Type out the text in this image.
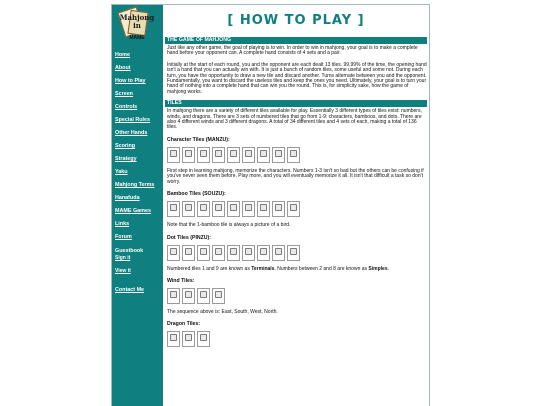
Mahjong
in
MAME
Home
About
How to Play
Screen
Controls
Special Rules
Other Hands
Scoring
Strategy
Yaku
Mahjong Terms
Hanafuda
MAME Games
Links
Forum
Guestbook
Sign it
View it
Contact Me
[ HOW TO PLAY ]
THE GAME OF MAHJONG

Just like any other game, the goal of playing is to win. In order to win in mahjong, your goal is to make a complete hand before your opponent can. A complete hand consists of 4 sets and a pair.

Initially at the start of each round, you and the opponent are each dealt 13 tiles. 99.99% of the time, the opening hand isn't a hand that you can actually win with. It is just a bunch of random tiles, some useful and some not. During each turn, you have the opportunity to draw a new tile and discard another. Turns alternate between you and the opponent. Fundamentally, you want to discard the useless tiles and keep the ones you need. Ultimately, your goal is to turn your hand of nothing into a complete hand that can win you the round. This is, for simplicity sake, how the game of mahjong works.

TILES

In mahjong there are a variety of different tiles available for play. Essentially 3 different types of tiles exist: numbers, winds, and dragons. There are 3 sets of numbered tiles that go from 1-9: characters, bamboos, and dots. There are also 4 different winds and 3 different dragons. A total of 34 different tiles and 4 sets of each, making a total of 136 tiles.

Character Tiles (MANZU):

First step in learning mahjong, memorize the characters. Numbers 1-3 isn't so bad but the others can be confusing if you've never seen them before. Play more, and you will eventually memorize it all. It isn't that difficult a task so don't worry.

Bamboo Tiles (SOUZU):

Note that the 1-bamboo tile is always a picture of a bird.

Dot Tiles (PINZU):

Numbered tiles 1 and 9 are known as Terminals. Numbers between 2 and 8 are known as Simples.

Wind Tiles:

The sequence above is: East, South, West, North.

Dragon Tiles:
